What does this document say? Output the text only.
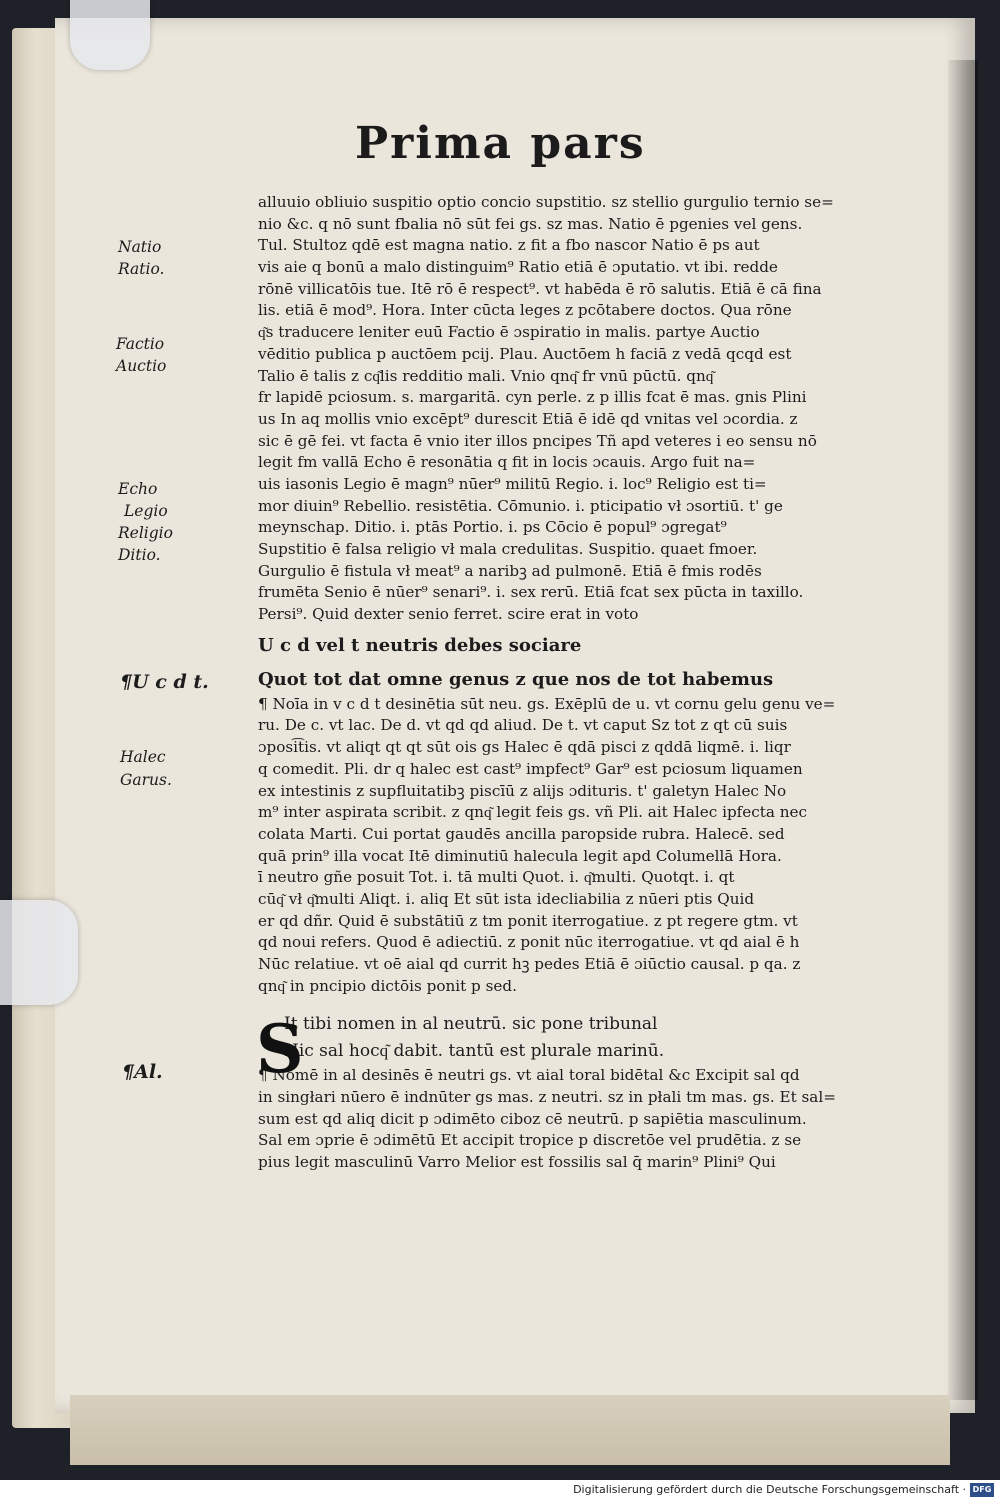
Prima pars
alluuio obliuio suspitio optio concio supstitio. sz stellio gurgulio ternio se=
nio &c. q nō sunt fbalia nō sūt fei gs. sz mas. Natio ē pgenies vel gens.
Tul. Stultoz qdē est magna natio. z fit a fbo nascor Natio ē ps aut
vis aie q bonū a malo distinguim⁹ Ratio etiā ē ɔputatio. vt ibi. redde
rōnē villicatōis tue. Itē rō ē respect⁹. vt habēda ē rō salutis. Etiā ē cā fina
lis. etiā ē mod⁹. Hora. Inter cūcta leges z pcōtabere doctos. Qua rōne
q͂s traducere leniter euū Factio ē ɔspiratio in malis. partye Auctio
vēditio publica p auctōem pcij. Plau. Auctōem h faciā z vedā qcqd est
Talio ē talis z cq͂lis redditio mali. Vnio qnq͂ fr vnū pūctū. qnq͂
fr lapidē pciosum. s. margaritā. cyn perle. z p illis fcat ē mas. gnis Plini
us In aq mollis vnio excēpt⁹ durescit Etiā ē idē qd vnitas vel ɔcordia. z
sic ē gē fei. vt facta ē vnio iter illos pncipes Tñ apd veteres i eo sensu nō
legit fm vallā Echo ē resonātia q fit in locis ɔcauis. Argo fuit na=
uis iasonis Legio ē magn⁹ nūer⁹ militū Regio. i. loc⁹ Religio est ti=
mor diuin⁹ Rebellio. resistētia. Cōmunio. i. pticipatio vł ɔsortiū. t' ge
meynschap. Ditio. i. ptās Portio. i. ps Cōcio ē popul⁹ ɔgregat⁹
Supstitio ē falsa religio vł mala credulitas. Suspitio. quaet fmoer.
Gurgulio ē fistula vł meat⁹ a naribꝫ ad pulmonē. Etiā ē fmis rodēs
frumēta Senio ē nūer⁹ senari⁹. i. sex rerū. Etiā fcat sex pūcta in taxillo.
Persi⁹. Quid dexter senio ferret. scire erat in voto
U c d vel t neutris debes sociare
Quot tot dat omne genus z que nos de tot habemus
¶ Noīa in v c d t desinētia sūt neu. gs. Exēplū de u. vt cornu gelu genu ve=
ru. De c. vt lac. De d. vt qd qd aliud. De t. vt caput Sz tot z qt cū suis
ɔposi͡tis. vt aliqt qt qt sūt ois gs Halec ē qdā pisci z qddā liqmē. i. liqr
q comedit. Pli. dr q halec est cast⁹ impfect⁹ Gar⁹ est pciosum liquamen
ex intestinis z supfluitatibꝫ piscīū z alijs ɔdituris. t' galetyn Halec No
m⁹ inter aspirata scribit. z qnq͂ legit feis gs. vñ Pli. ait Halec ipfecta nec
colata Marti. Cui portat gaudēs ancilla paropside rubra. Halecē. sed
quā prin⁹ illa vocat Itē diminutiū halecula legit apd Columellā Hora.
ī neutro gñe posuit Tot. i. tā multi Quot. i. q͂multi. Quotqt. i. qt
cūq͂ vł q͂multi Aliqt. i. aliq Et sūt ista idecliabilia z nūeri ptis Quid
er qd dñr. Quid ē substātiū z tm ponit iterrogatiue. z pt regere gtm. vt
qd noui refers. Quod ē adiectiū. z ponit nūc iterrogatiue. vt qd aial ē h
Nūc relatiue. vt oē aial qd currit hꝫ pedes Etiā ē ɔiūctio causal. p qa. z
qnq͂ in pncipio dictōis ponit p sed.
It tibi nomen in al neutrū. sic pone tribunal
Hic sal hocq͂ dabit. tantū est plurale marinū.
¶ Nomē in al desinēs ē neutri gs. vt aial toral bidētal &c Excipit sal qd
in singłari nūero ē indnūter gs mas. z neutri. sz in płali tm mas. gs. Et sal=
sum est qd aliq dicit p ɔdimēto ciboz cē neutrū. p sapiētia masculinum.
Sal em ɔprie ē ɔdimētū Et accipit tropice p discretōe vel prudētia. z se
pius legit masculinū Varro Melior est fossilis sal q̄ marin⁹ Plini⁹ Qui
S
Natio
Ratio.
Factio
Auctio
Echo
Legio
Religio
Ditio.
¶U c d t.
Halec
Garus.
¶Al.
Digitalisierung gefördert durch die Deutsche Forschungsgemeinschaft · DFG
